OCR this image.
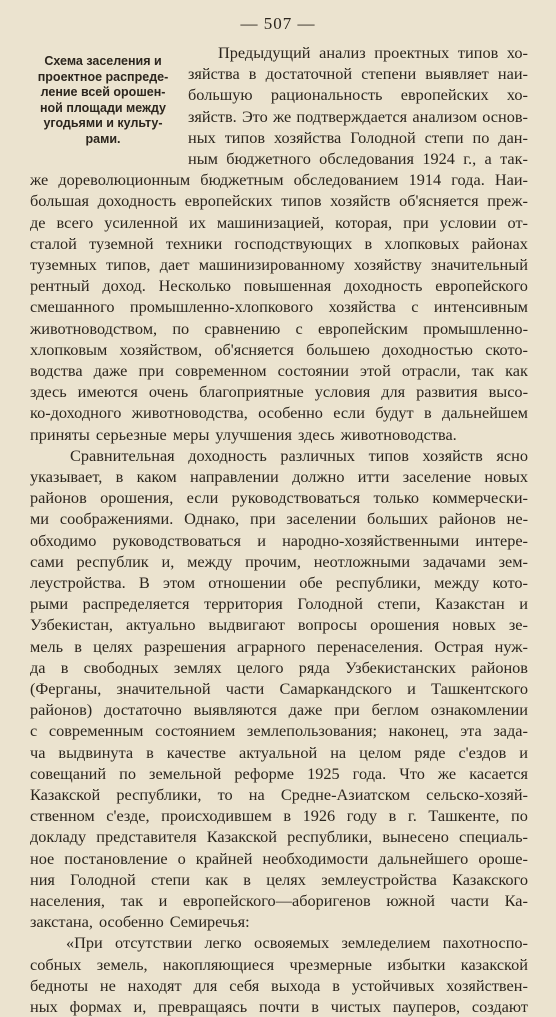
— 507 —
Схема заселения и
проектное распреде-
ление всей орошен-
ной площади между
угодьями и культу-
рами.
Предыдущий анализ проектных типов хо-
зяйства в достаточной степени выявляет наи-
большую рациональность европейских хо-
зяйств. Это же подтверждается анализом основ-
ных типов хозяйства Голодной степи по дан-
ным бюджетного обследования 1924 г., а так-
же дореволюционным бюджетным обследованием 1914 года. Наи-
большая доходность европейских типов хозяйств об'ясняется преж-
де всего усиленной их машинизацией, которая, при условии от-
сталой туземной техники господствующих в хлопковых районах
туземных типов, дает машинизированному хозяйству значительный
рентный доход. Несколько повышенная доходность европейского
смешанного промышленно-хлопкового хозяйства с интенсивным
животноводством, по сравнению с европейским промышленно-
хлопковым хозяйством, об'ясняется большею доходностью ското-
водства даже при современном состоянии этой отрасли, так как
здесь имеются очень благоприятные условия для развития высо-
ко-доходного животноводства, особенно если будут в дальнейшем
приняты серьезные меры улучшения здесь животноводства.
Сравнительная доходность различных типов хозяйств ясно
указывает, в каком направлении должно итти заселение новых
районов орошения, если руководствоваться только коммерчески-
ми соображениями. Однако, при заселении больших районов не-
обходимо руководствоваться и народно-хозяйственными интере-
сами республик и, между прочим, неотложными задачами зем-
леустройства. В этом отношении обе республики, между кото-
рыми распределяется территория Голодной степи, Казакстан и
Узбекистан, актуально выдвигают вопросы орошения новых зе-
мель в целях разрешения аграрного перенаселения. Острая нуж-
да в свободных землях целого ряда Узбекистанских районов
(Ферганы, значительной части Самаркандского и Ташкентского
районов) достаточно выявляются даже при беглом ознакомлении
с современным состоянием землепользования; наконец, эта зада-
ча выдвинута в качестве актуальной на целом ряде с'ездов и
совещаний по земельной реформе 1925 года. Что же касается
Казакской республики, то на Средне-Азиатском сельско-хозяй-
ственном с'езде, происходившем в 1926 году в г. Ташкенте, по
докладу представителя Казакской республики, вынесено специаль-
ное постановление о крайней необходимости дальнейшего ороше-
ния Голодной степи как в целях землеустройства Казакского
населения, так и европейского—аборигенов южной части Ка-
закстана, особенно Семиречья:
«При отсутствии легко освояемых земледелием пахотноспо-
собных земель, накопляющиеся чрезмерные избытки казакской
бедноты не находят для себя выхода в устойчивых хозяйствен-
ных формах и, превращаясь почти в чистых пауперов, создают
